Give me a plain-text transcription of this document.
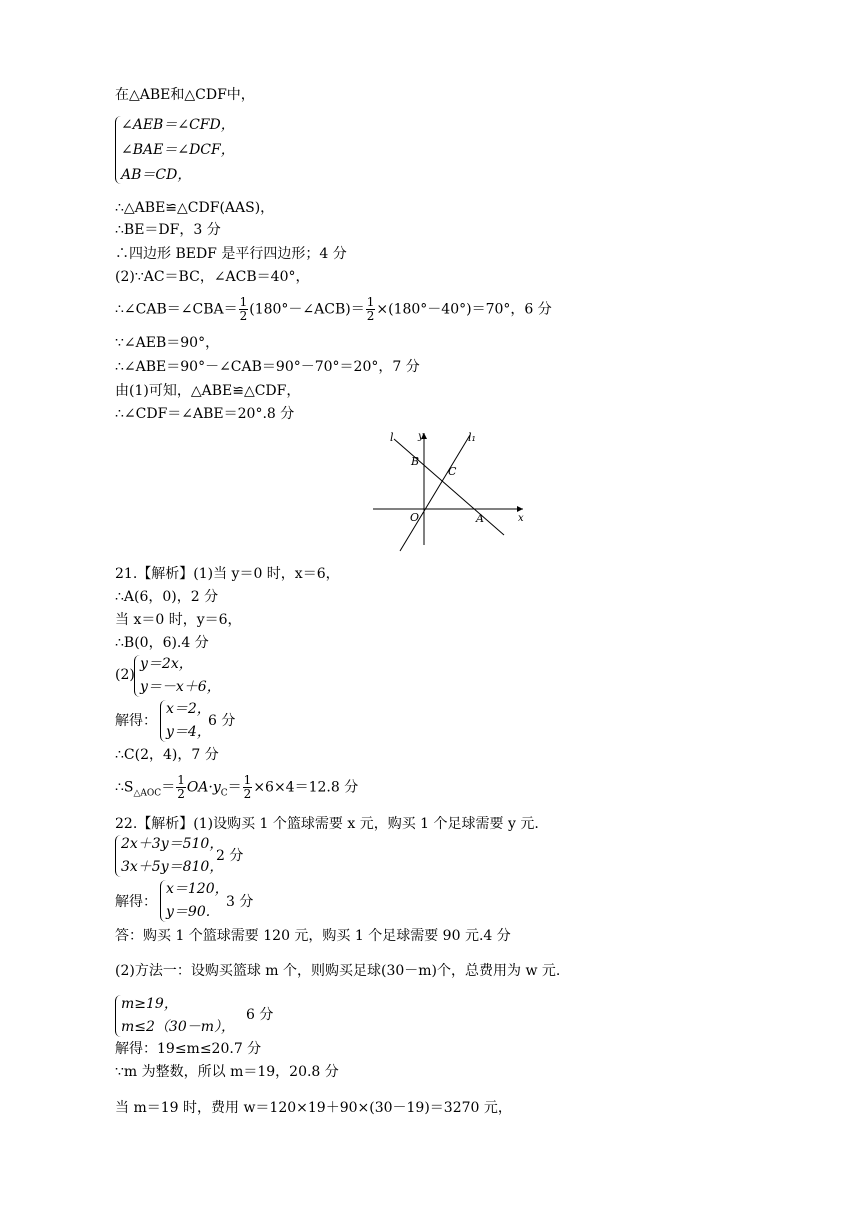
在△ABE和△CDF中，
∠AEB＝∠CFD，
∠BAE＝∠DCF，
AB＝CD，
∴△ABE≌△CDF(AAS)，
∴BE＝DF，3 分
∴四边形 BEDF 是平行四边形；4 分
(2)∵AC＝BC，∠ACB＝40°，
∴∠CAB＝∠CBA＝ $\frac{1}{2}$ (180°－∠ACB)＝ $\frac{1}{2} \times(180^\circ-40^\circ)=70^\circ$，6 分
∵∠AEB＝90°，
∴∠ABE＝90°－∠CAB＝90°－70°＝20°，7 分
由(1)可知，△ABE≌△CDF，
∴∠CDF＝∠ABE＝20°.8 分
l	l₁
y
x
B
C
O	A
21.【解析】(1)当 y＝0 时，x＝6，
∴A(6，0)，2 分
当 x＝0 时，y＝6，
∴B(0，6).4 分
(2)
y＝2x，
y＝－x＋6，
解得：
x＝2，
y＝4，
6 分
∴C(2，4)，7 分
$\therefore S_{\triangle AOC}= \frac{1}{2} OA\cdot y_C= \frac{1}{2} \times 6\times 4=12.8$ 分
22.【解析】(1)设购买 1 个篮球需要 x 元，购买 1 个足球需要 y 元.
2x＋3y＝510，
3x＋5y＝810，
2 分
解得：
x＝120，
y＝90.
3 分
答：购买 1 个篮球需要 120 元，购买 1 个足球需要 90 元.4 分
(2)方法一：设购买篮球 m 个，则购买足球(30－m)个，总费用为 w 元.
m≥19，
m≤2（30－m），
6 分
解得：19≤m≤20.7 分
∵m 为整数，所以 m＝19，20.8 分
当 m＝19 时，费用 w＝120×19＋90×(30－19)＝3270 元，
